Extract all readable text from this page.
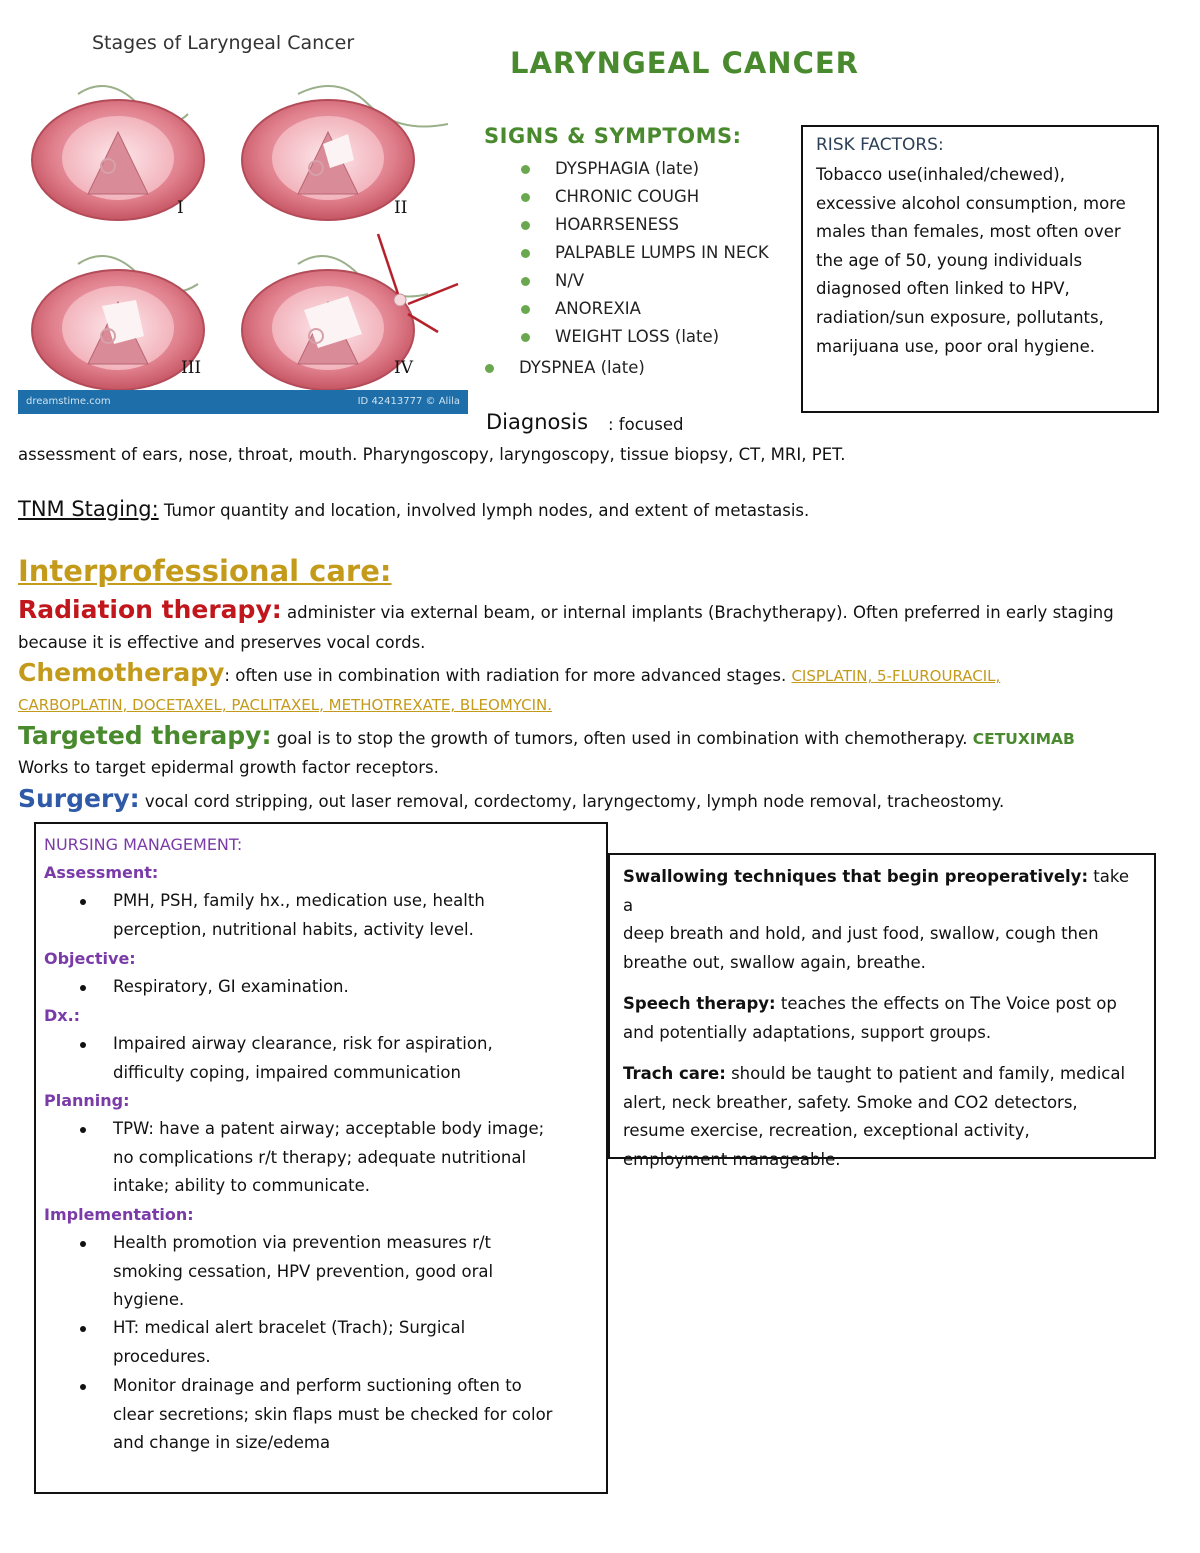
Stages of Laryngeal Cancer
I	II
III	IV
dreamstime.com	ID 42413777 © Alila
LARYNGEAL CANCER
SIGNS & SYMPTOMS:
DYSPHAGIA (late)
CHRONIC COUGH
HOARRSENESS
PALPABLE LUMPS IN NECK
N/V
ANOREXIA
WEIGHT LOSS (late)
DYSPNEA (late)
RISK FACTORS:
Tobacco use(inhaled/chewed),
excessive alcohol consumption, more
males than females, most often over
the age of 50, young individuals
diagnosed often linked to HPV,
radiation/sun exposure, pollutants,
marijuana use, poor oral hygiene.
Diagnosis : focused
assessment of ears, nose, throat, mouth. Pharyngoscopy, laryngoscopy, tissue biopsy, CT, MRI, PET.
TNM Staging: Tumor quantity and location, involved lymph nodes, and extent of metastasis.
Interprofessional care:
Radiation therapy: administer via external beam, or internal implants (Brachytherapy). Often preferred in early staging
because it is effective and preserves vocal cords.
Chemotherapy: often use in combination with radiation for more advanced stages. CISPLATIN, 5-FLUROURACIL,
CARBOPLATIN, DOCETAXEL, PACLITAXEL, METHOTREXATE, BLEOMYCIN.
Targeted therapy: goal is to stop the growth of tumors, often used in combination with chemotherapy. CETUXIMAB
Works to target epidermal growth factor receptors.
Surgery: vocal cord stripping, out laser removal, cordectomy, laryngectomy, lymph node removal, tracheostomy.
NURSING MANAGEMENT:
Assessment:
PMH, PSH, family hx., medication use, health
perception, nutritional habits, activity level.
Objective:
Respiratory, GI examination.
Dx.:
Impaired airway clearance, risk for aspiration,
difficulty coping, impaired communication
Planning:
TPW: have a patent airway; acceptable body image;
no complications r/t therapy; adequate nutritional
intake; ability to communicate.
Implementation:
Health promotion via prevention measures r/t
smoking cessation, HPV prevention, good oral
hygiene.
HT: medical alert bracelet (Trach); Surgical
procedures.
Monitor drainage and perform suctioning often to
clear secretions; skin flaps must be checked for color
and change in size/edema

Swallowing techniques that begin preoperatively: take a
deep breath and hold, and just food, swallow, cough then
breathe out, swallow again, breathe.

Speech therapy: teaches the effects on The Voice post op
and potentially adaptations, support groups.

Trach care: should be taught to patient and family, medical
alert, neck breather, safety. Smoke and CO2 detectors,
resume exercise, recreation, exceptional activity,
employment manageable.
